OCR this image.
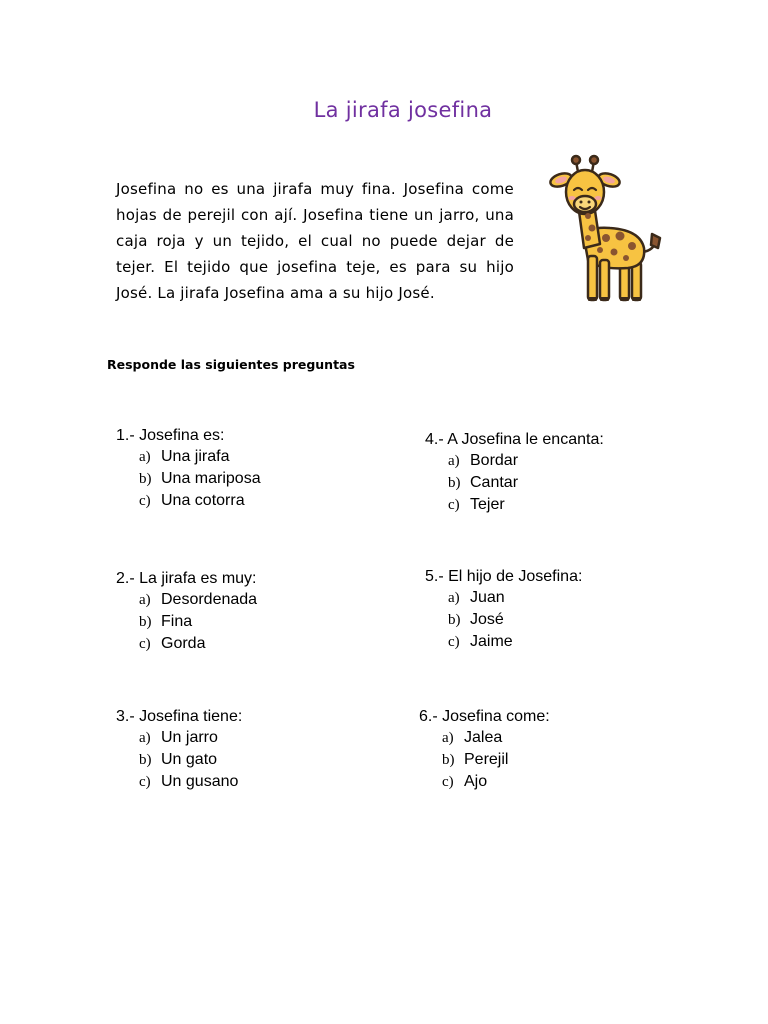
La jirafa josefina

Josefina no es una jirafa muy fina. Josefina come hojas de perejil con ají. Josefina tiene un jarro, una caja roja y un tejido, el cual no puede dejar de tejer. El tejido que josefina teje, es para su hijo José. La jirafa Josefina ama a su hijo José.

Responde las siguientes preguntas
1.- Josefina es:
a) Una jirafa
b) Una mariposa
c) Una cotorra
2.- La jirafa es muy:
a) Desordenada
b) Fina
c) Gorda
3.- Josefina tiene:
a) Un jarro
b) Un gato
c) Un gusano
4.- A Josefina le encanta:
a) Bordar
b) Cantar
c) Tejer
5.- El hijo de Josefina:
a) Juan
b) José
c) Jaime
6.- Josefina come:
a) Jalea
b) Perejil
c) Ajo
